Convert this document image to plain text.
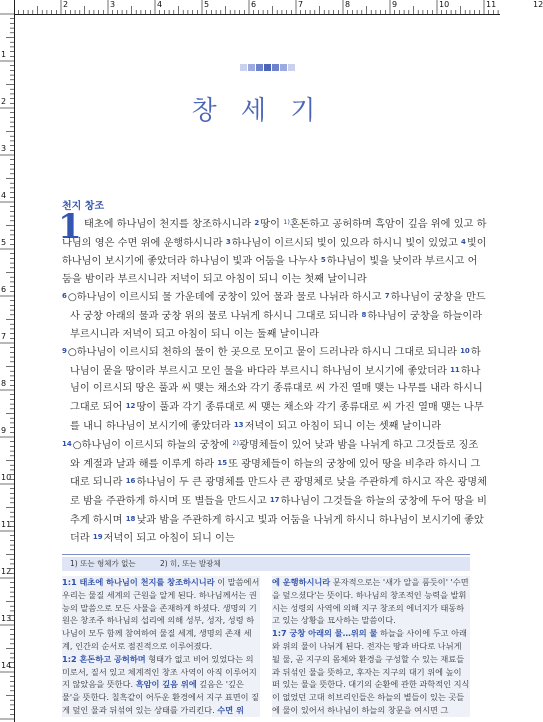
2	3	4	5	6	7	8	9	10	11	12
1
2
3
4
5
6
7
8
9
10
11
12
13
14
창 세 기
천지 창조
1 태초에 하나님이 천지를 창조하시니라 2땅이 $^{1)}$혼돈하고 공허하며 흑암이 깊음 위에 있고 하나님의 영은 수면 위에 운행하시니라 3하나님이 이르시되 빛이 있으라 하시니 빛이 있었고 4빛이 하나님이 보시기에 좋았더라 하나님이 빛과 어둠을 나누사 5하나님이 빛을 낮이라 부르시고 어둠을 밤이라 부르시니라 저녁이 되고 아침이 되니 이는 첫째 날이니라

6○하나님이 이르시되 물 가운데에 궁창이 있어 물과 물로 나뉘라 하시고 7하나님이 궁창을 만드사 궁창 아래의 물과 궁창 위의 물로 나뉘게 하시니 그대로 되니라 8하나님이 궁창을 하늘이라 부르시니라 저녁이 되고 아침이 되니 이는 둘째 날이니라

9○하나님이 이르시되 천하의 물이 한 곳으로 모이고 뭍이 드러나라 하시니 그대로 되니라 10하나님이 뭍을 땅이라 부르시고 모인 물을 바다라 부르시니 하나님이 보시기에 좋았더라 11하나님이 이르시되 땅은 풀과 씨 맺는 채소와 각기 종류대로 씨 가진 열매 맺는 나무를 내라 하시니 그대로 되어 12땅이 풀과 각기 종류대로 씨 맺는 채소와 각기 종류대로 씨 가진 열매 맺는 나무를 내니 하나님이 보시기에 좋았더라 13저녁이 되고 아침이 되니 이는 셋째 날이니라

14○하나님이 이르시되 하늘의 궁창에 $^{2)}$광명체들이 있어 낮과 밤을 나뉘게 하고 그것들로 징조와 계절과 날과 해를 이루게 하라 15또 광명체들이 하늘의 궁창에 있어 땅을 비추라 하시니 그대로 되니라 16하나님이 두 큰 광명체를 만드사 큰 광명체로 낮을 주관하게 하시고 작은 광명체로 밤을 주관하게 하시며 또 별들을 만드시고 17하나님이 그것들을 하늘의 궁창에 두어 땅을 비추게 하시며 18낮과 밤을 주관하게 하시고 빛과 어둠을 나뉘게 하시니 하나님이 보시기에 좋았더라 19저녁이 되고 아침이 되니 이는

1) 또는 형체가 없는	2) 히, 또는 발광체
1:1 태초에 하나님이 천지를 창조하시니라 이 말씀에서 우리는 물질 세계의 근원을 알게 된다. 하나님께서는 권능의 말씀으로 모든 사물을 존재하게 하셨다. 생명의 기원은 창조주 하나님의 섭리에 의해 성부, 성자, 성령 하나님이 모두 함께 참여하여 물질 세계, 생명의 존재 세계, 인간의 순서로 점진적으로 이루어졌다.
1:2 혼돈하고 공허하며 형태가 없고 비어 있었다는 의미로서, 질서 있고 체계적인 창조 사역이 아직 이루어지지 않았음을 뜻한다. 흑암이 깊음 위에 깊음은 '깊은 물'을 뜻한다. 칠흑같이 어두운 환경에서 지구 표면이 짙게 덮인 물과 뒤섞여 있는 상태를 가리킨다. 수면 위
에 운행하시니라 문자적으로는 '새가 알을 품듯이' '수면을 덮으셨다'는 뜻이다. 하나님의 창조적인 능력을 발휘시는 성령의 사역에 의해 지구 창조의 에너지가 태동하고 있는 상황을 묘사하는 말씀이다.
1:7 궁창 아래의 물…위의 물 하늘을 사이에 두고 아래와 위의 물이 나뉘게 된다. 전자는 땅과 바다로 나뉘게 될 물, 곧 지구의 몸체와 환경을 구성할 수 있는 재료들과 뒤섞인 물을 뜻하고, 후자는 지구의 대기 위에 높이 떠 있는 물을 뜻한다. 대기의 순환에 관한 과학적인 지식이 없었던 고대 히브리인들은 하늘의 별들이 있는 곳들에 물이 있어서 하나님이 하늘의 창문을 여시면 그
